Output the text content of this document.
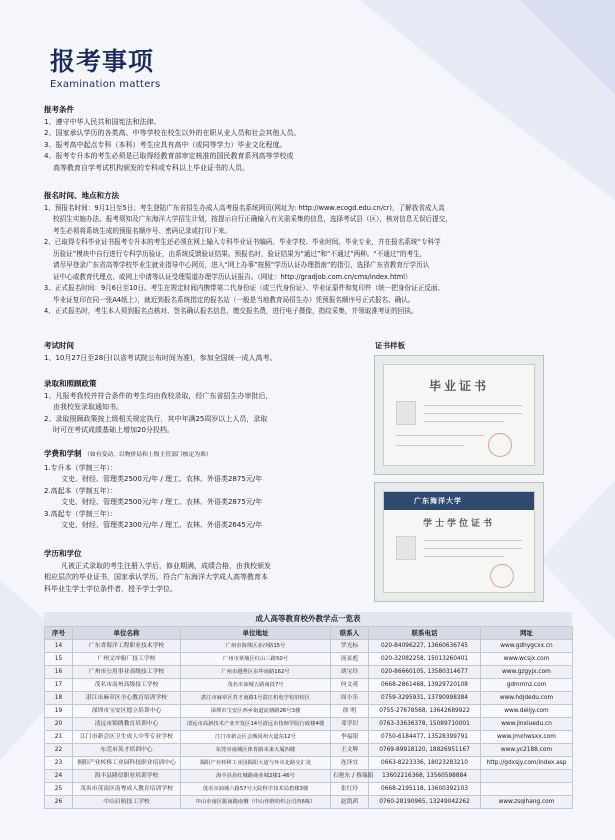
报考事项
Examination matters
报考条件

1、遵守中华人民共和国宪法和法律。

2、国家承认学历的各类高、中等学校在校生以外的在职从业人员和社会其他人员。

3、报考高中起点专科（本科）考生应具有高中（或同等学力）毕业文化程度。

4、报考专升本的考生必须是已取得经教育部审定核准的国民教育系列高等学校或

高等教育自学考试机构颁发的专科或专科以上毕业证书的人员。

报名时间、地点和方法

1、预报名时间：9月1日至5日；考生登陆广东省招生办成人高考报名系统网页(网址为: http://www.ecogd.edu.cn/cr)，了解我省成人高

校招生实施办法、报考须知及广东海洋大学招生计划，按提示自行正确输入有关需采集的信息，选择考试县（区），核对信息无误后提交，

考生必须将系统生成的预报名顺序号、密码记录或打印下来。

2、已取得专科毕业证书报考专升本的考生还必须在网上输入专科毕业证书编码、毕业学校、毕业时间、毕业专业，并在报名系统“专科学

历验证”模块中自行进行专科学历验证，由系统反馈验证结果。预报名时，验证结果为“通过”和“不通过”两种。“不通过”的考生，

请尽早登录广东省高等学校毕业生就业指导中心网页，进入“网上办事”按照“学历认证办理指南”的指引，选择广东省教育厅学历认

证中心或教育代理点、或网上申请等认证受理渠道办理学历认证报告。（网址：http://gradjob.com.cn/cms/index.html）

3、正式报名时间：9月6日至10日。考生在规定时间内携带第二代身份证（或三代身份证）、毕业证原件和复印件（统一把身份证正反面、

毕业证复印在同一张A4纸上），就近到报名系统指定的报名站（一般是当地教育局招生办）凭预报名顺序号正式报名、确认。

4、正式报名时，考生本人须到报名点核对、签名确认报名信息，缴交报名费，进行电子摄像，指纹采集，并领取准考证的回执。

考试时间

1、10月27日至28日(以省考试院公布时间为准)，参加全国统一成人高考。

录取和照顾政策

1、凡报考我校并符合条件的考生均由我校录取，经广东省招生办审批后，

由我校发录取通知书。

2、录取照顾政策按上级相关规定执行，其中年满25周岁以上人员，录取

时可在考试成绩基础上增加20分投档。

学费和学制 （如有变动，以物价局和上级主管部门核定为准）

1.专升本（学制三年）：

文史、财经、管理类2500元/年 / 理工、农林、外语类2875元/年

2.高起本（学制五年）：

文史、财经、管理类2500元/年 / 理工、农林、外语类2875元/年

3.高起专（学制三年）：

文史、财经、管理类2300元/年 / 理工、农林、外语类2645元/年

学历和学位

凡被正式录取的考生注册入学后，修业期满，成绩合格，由我校颁发

相应层次的毕业证书，国家承认学历。符合广东海洋大学成人高等教育本

科毕业生学士学位条件者，授予学士学位。

证书样板
毕业证书
广东海洋大学
学士学位证书
成人高等教育校外教学点一览表
序号	单位名称	单位地址	联系人	联系电话	网址
14	广东省海洋工程职业技术学校	广州市海珠区赤沙路15号	罗光标	020-84096227, 13660636745	www.gdhygcxx.cn
15	广州文冲船厂技工学校	广州市黄埔区红山三路50号	汤景彪	020-32082258, 15013260401	www.wcsjx.com
16	广州市公用事业高级技工学校	广州市越秀区东华南路162号	胡宝玲	020-86660105, 13580314677	www.gzgyjx.com
17	茂名市南州高级技工学校	茂名市油城五路南段7号	何文英	0668-2861468, 13929720108	gdmmnz.com
18	湛江市麻章区全心教育培训学校	湛江市麻章区育才南路1号湛江机电学校旧校区	周小乐	0759-3295931, 13790998384	www.hdjdedu.com
19	深圳市宝安区德立培训中心	深圳市宝安区西乡街道流塘路26号3楼	徐 明	0755-27678568, 13642689922	www.delijy.com
20	清远市锦绣教育培训中心	清远市高新技术产业开发区14号清远市技师学院行政楼4楼	邓学识	0763-33636378, 15089710001	www.jinxiuedu.cn
21	江门市新会区卫生成人中等专业学校	江门市新会区会城冈州大道东12号	李福银	0750-6184477, 13528399791	www.jmxhwsxx.com
22	东莞市英才培训中心	东莞市南城区体育路未来大厦四楼	王文辉	0769-89918120, 18826951167	www.yc2188.com
23	揭阳产业转移工业园科技职业培训中心	揭阳产业转移工业园揭阳大道与环市北路交汇处	连泽宜	0663-8223336, 18023283210	http://gdxsjy.com/index.asp
24	海丰县隆信职业培训学校	海丰县县红城路商业城2楼1-46号	石艳东 / 蔡瑞娟	13602216368, 13560598884	
25	茂名市茂南区南粤成人教育培训学校	茂名市油城六路57号大院科学技术局碧楼3楼	张红玲	0668-2195118, 13600392103	
26	中山启航技工学校	中山市南区振南路南侧（中山伟胜纺织公司内6栋）	赵凯茜	0760-28190965, 13249042262	www.zsqihang.com
